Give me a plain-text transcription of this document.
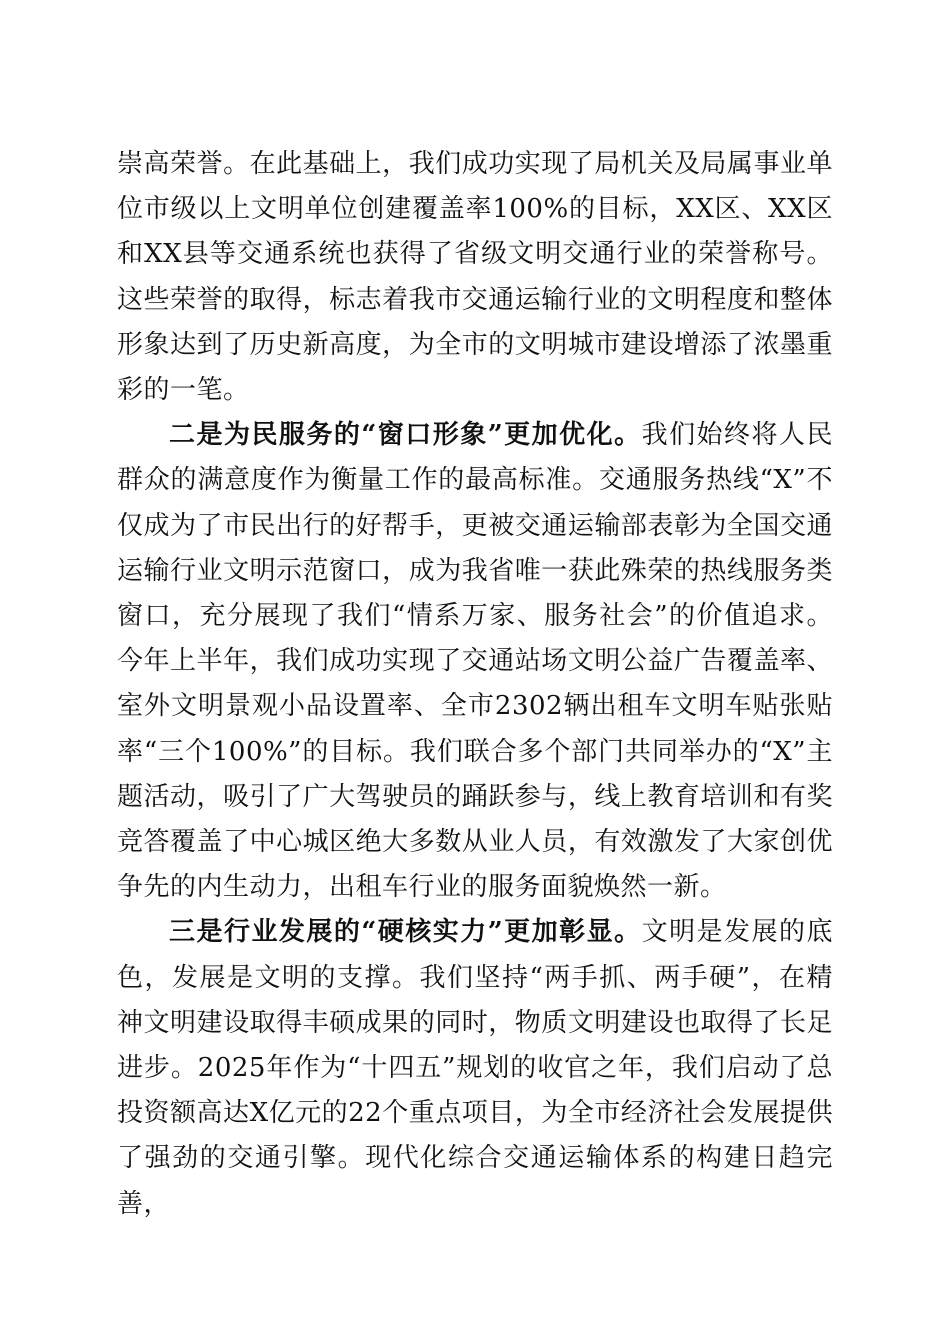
崇高荣誉。在此基础上，我们成功实现了局机关及局属事业单位市级以上文明单位创建覆盖率100%的目标，XX区、XX区和XX县等交通系统也获得了省级文明交通行业的荣誉称号。这些荣誉的取得，标志着我市交通运输行业的文明程度和整体形象达到了历史新高度，为全市的文明城市建设增添了浓墨重彩的一笔。

二是为民服务的“窗口形象”更加优化。我们始终将人民群众的满意度作为衡量工作的最高标准。交通服务热线“X”不仅成为了市民出行的好帮手，更被交通运输部表彰为全国交通运输行业文明示范窗口，成为我省唯一获此殊荣的热线服务类窗口，充分展现了我们“情系万家、服务社会”的价值追求。今年上半年，我们成功实现了交通站场文明公益广告覆盖率、室外文明景观小品设置率、全市2302辆出租车文明车贴张贴率“三个100%”的目标。我们联合多个部门共同举办的“X”主题活动，吸引了广大驾驶员的踊跃参与，线上教育培训和有奖竞答覆盖了中心城区绝大多数从业人员，有效激发了大家创优争先的内生动力，出租车行业的服务面貌焕然一新。

三是行业发展的“硬核实力”更加彰显。文明是发展的底色，发展是文明的支撑。我们坚持“两手抓、两手硬”，在精神文明建设取得丰硕成果的同时，物质文明建设也取得了长足进步。2025年作为“十四五”规划的收官之年，我们启动了总投资额高达X亿元的22个重点项目，为全市经济社会发展提供了强劲的交通引擎。现代化综合交通运输体系的构建日趋完善，
